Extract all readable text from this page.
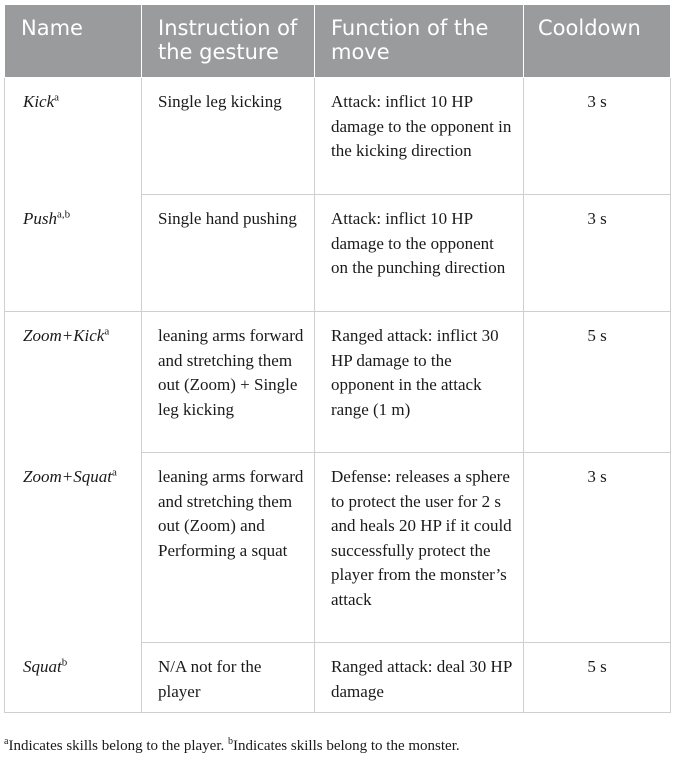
Name	Instruction of the gesture	Function of the move	Cooldown
Kick$^a$	Single leg kicking	Attack: inflict 10 HP damage to the opponent in the kicking direction	3 s
Push$^{a,b}$	Single hand pushing	Attack: inflict 10 HP damage to the opponent on the punching direction	3 s
Zoom+Kick$^a$	leaning arms forward and stretching them out (Zoom) + Single leg kicking	Ranged attack: inflict 30 HP damage to the opponent in the attack range (1 m)	5 s
Zoom+Squat$^a$	leaning arms forward and stretching them out (Zoom) and Performing a squat	Defense: releases a sphere to protect the user for 2 s and heals 20 HP if it could successfully protect the player from the monster’s attack	3 s
Squat$^b$	N/A not for the player	Ranged attack: deal 30 HP damage	5 s
$^a$Indicates skills belong to the player. $^b$Indicates skills belong to the monster.
